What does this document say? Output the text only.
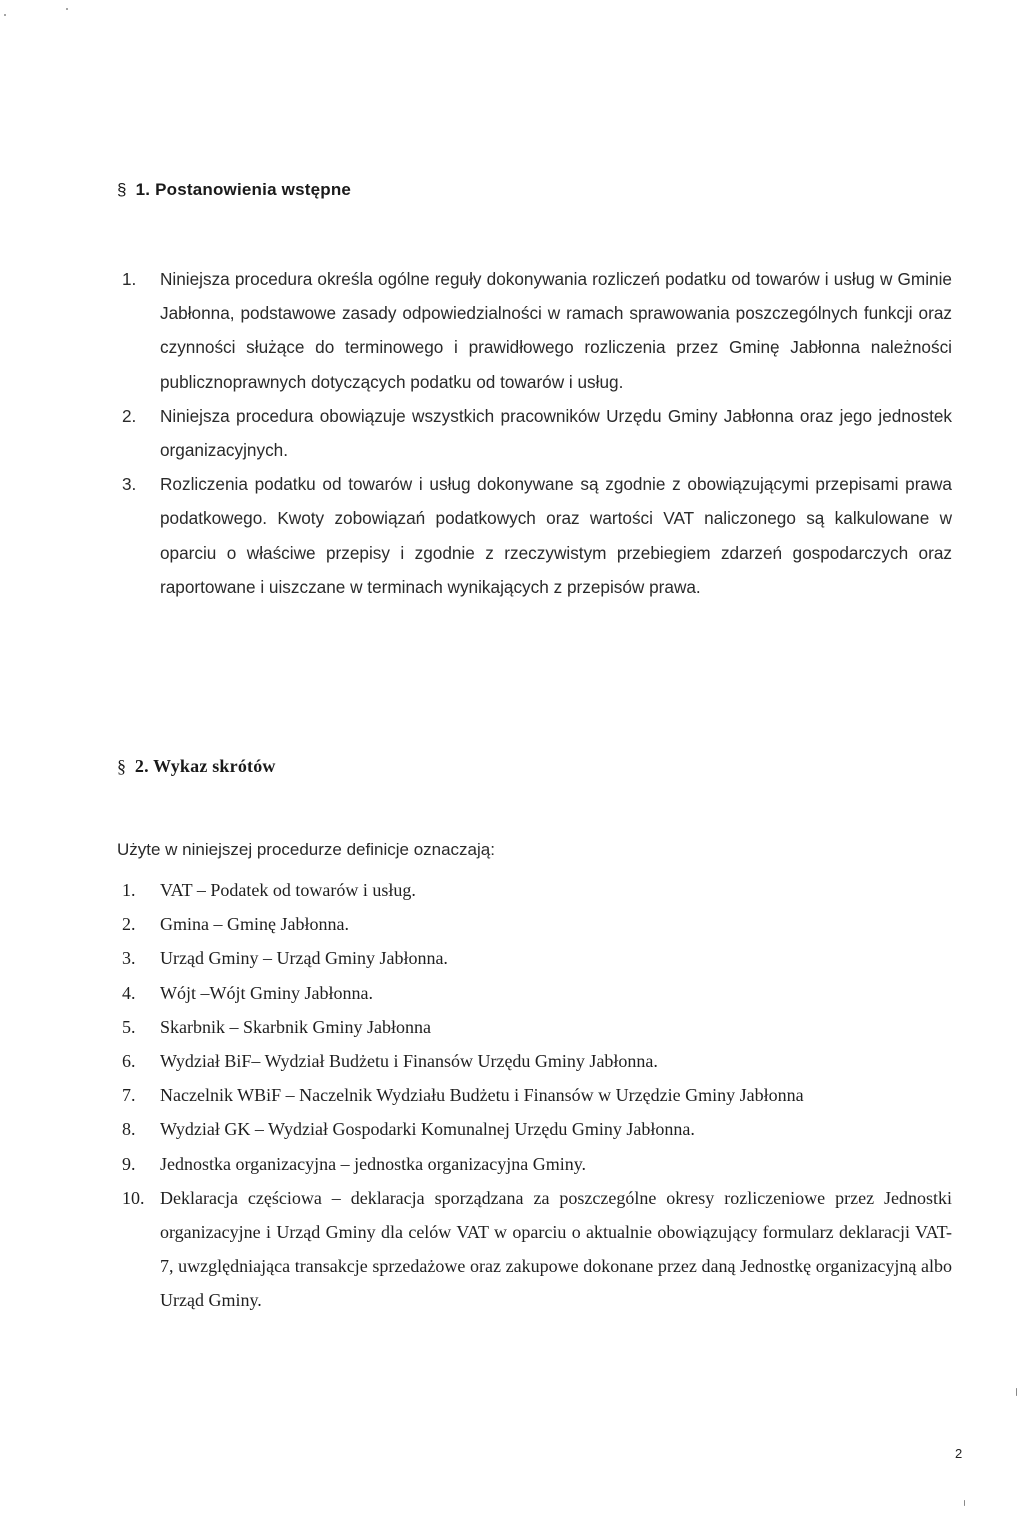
§ 1. Postanowienia wstępne
1. Niniejsza procedura określa ogólne reguły dokonywania rozliczeń podatku od towarów i usług w Gminie Jabłonna, podstawowe zasady odpowiedzialności w ramach sprawowania poszczególnych funkcji oraz czynności służące do terminowego i prawidłowego rozliczenia przez Gminę Jabłonna należności publicznoprawnych dotyczących podatku od towarów i usług.
2. Niniejsza procedura obowiązuje wszystkich pracowników Urzędu Gminy Jabłonna oraz jego jednostek organizacyjnych.
3. Rozliczenia podatku od towarów i usług dokonywane są zgodnie z obowiązującymi przepisami prawa podatkowego. Kwoty zobowiązań podatkowych oraz wartości VAT naliczonego są kalkulowane w oparciu o właściwe przepisy i zgodnie z rzeczywistym przebiegiem zdarzeń gospodarczych oraz raportowane i uiszczane w terminach wynikających z przepisów prawa.
§ 2. Wykaz skrótów
Użyte w niniejszej procedurze definicje oznaczają:
1. VAT – Podatek od towarów i usług.
2. Gmina – Gminę Jabłonna.
3. Urząd Gminy – Urząd Gminy Jabłonna.
4. Wójt –Wójt Gminy Jabłonna.
5. Skarbnik – Skarbnik Gminy Jabłonna
6. Wydział BiF– Wydział Budżetu i Finansów Urzędu Gminy Jabłonna.
7. Naczelnik WBiF – Naczelnik Wydziału Budżetu i Finansów w Urzędzie Gminy Jabłonna
8. Wydział GK – Wydział Gospodarki Komunalnej Urzędu Gminy Jabłonna.
9. Jednostka organizacyjna – jednostka organizacyjna Gminy.
10. Deklaracja częściowa – deklaracja sporządzana za poszczególne okresy rozliczeniowe przez Jednostki organizacyjne i Urząd Gminy dla celów VAT w oparciu o aktualnie obowiązujący formularz deklaracji VAT-7, uwzględniająca transakcje sprzedażowe oraz zakupowe dokonane przez daną Jednostkę organizacyjną albo Urząd Gminy.
2
